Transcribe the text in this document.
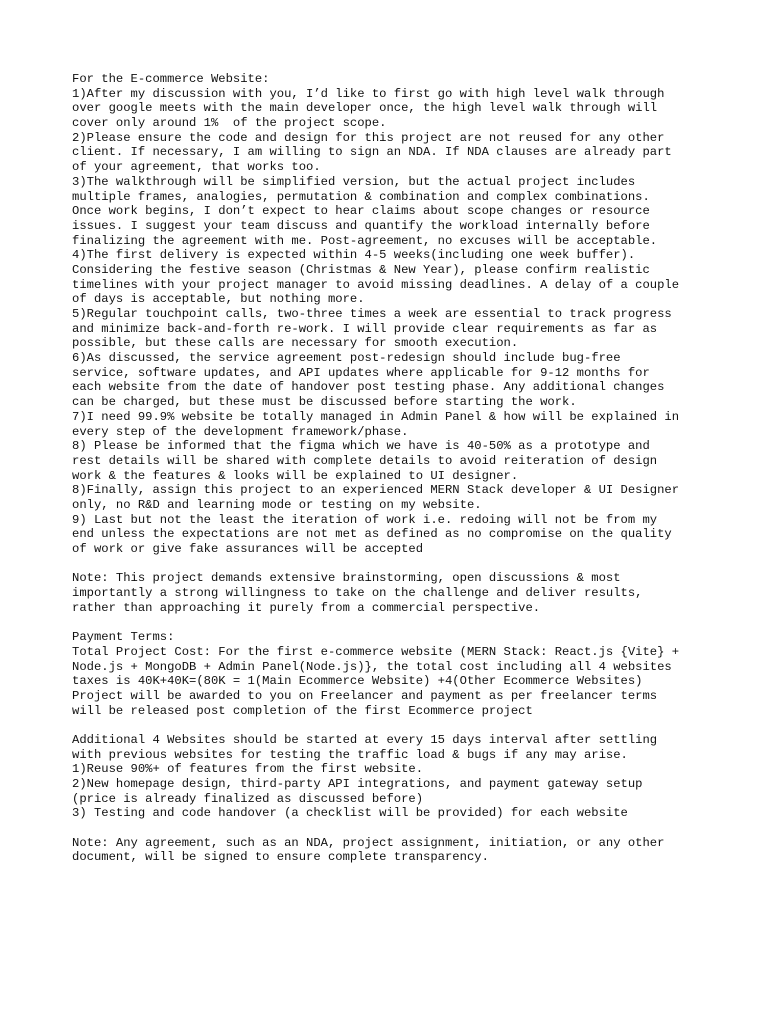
For the E-commerce Website:
1)After my discussion with you, I’d like to first go with high level walk through
over google meets with the main developer once, the high level walk through will
cover only around 1%  of the project scope.
2)Please ensure the code and design for this project are not reused for any other
client. If necessary, I am willing to sign an NDA. If NDA clauses are already part
of your agreement, that works too.
3)The walkthrough will be simplified version, but the actual project includes
multiple frames, analogies, permutation & combination and complex combinations.
Once work begins, I don’t expect to hear claims about scope changes or resource
issues. I suggest your team discuss and quantify the workload internally before
finalizing the agreement with me. Post-agreement, no excuses will be acceptable.
4)The first delivery is expected within 4-5 weeks(including one week buffer).
Considering the festive season (Christmas & New Year), please confirm realistic
timelines with your project manager to avoid missing deadlines. A delay of a couple
of days is acceptable, but nothing more.
5)Regular touchpoint calls, two-three times a week are essential to track progress
and minimize back-and-forth re-work. I will provide clear requirements as far as
possible, but these calls are necessary for smooth execution.
6)As discussed, the service agreement post-redesign should include bug-free
service, software updates, and API updates where applicable for 9-12 months for
each website from the date of handover post testing phase. Any additional changes
can be charged, but these must be discussed before starting the work.
7)I need 99.9% website be totally managed in Admin Panel & how will be explained in
every step of the development framework/phase.
8) Please be informed that the figma which we have is 40-50% as a prototype and
rest details will be shared with complete details to avoid reiteration of design
work & the features & looks will be explained to UI designer.
8)Finally, assign this project to an experienced MERN Stack developer & UI Designer
only, no R&D and learning mode or testing on my website.
9) Last but not the least the iteration of work i.e. redoing will not be from my
end unless the expectations are not met as defined as no compromise on the quality
of work or give fake assurances will be accepted
Note: This project demands extensive brainstorming, open discussions & most
importantly a strong willingness to take on the challenge and deliver results,
rather than approaching it purely from a commercial perspective.
Payment Terms:
Total Project Cost: For the first e-commerce website (MERN Stack: React.js {Vite} +
Node.js + MongoDB + Admin Panel(Node.js)}, the total cost including all 4 websites
taxes is 40K+40K=(80K = 1(Main Ecommerce Website) +4(Other Ecommerce Websites)
Project will be awarded to you on Freelancer and payment as per freelancer terms
will be released post completion of the first Ecommerce project
Additional 4 Websites should be started at every 15 days interval after settling
with previous websites for testing the traffic load & bugs if any may arise.
1)Reuse 90%+ of features from the first website.
2)New homepage design, third-party API integrations, and payment gateway setup
(price is already finalized as discussed before)
3) Testing and code handover (a checklist will be provided) for each website
Note: Any agreement, such as an NDA, project assignment, initiation, or any other
document, will be signed to ensure complete transparency.
